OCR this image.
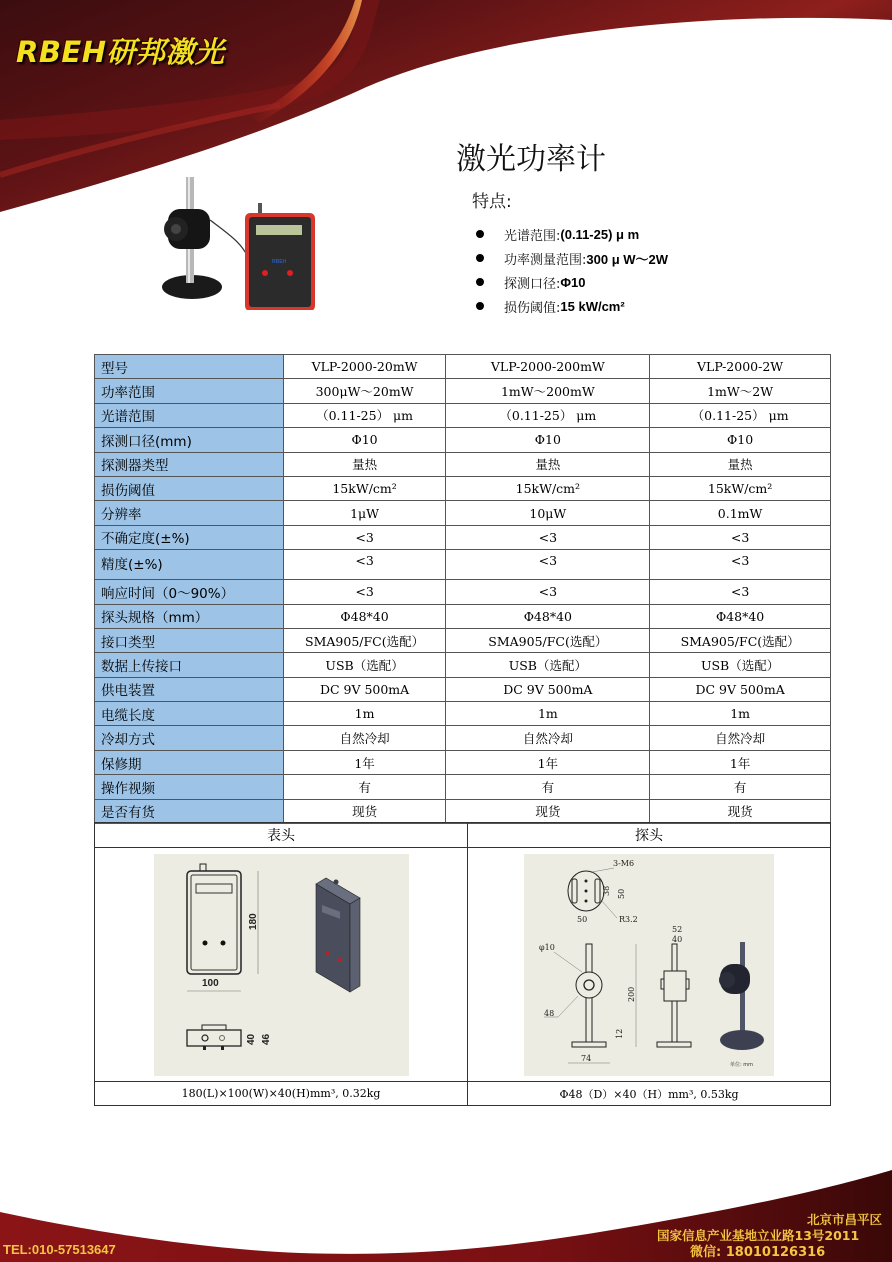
RBEH研邦激光
RBEH
激光功率计
特点:
光谱范围: (0.11-25) μ m
功率测量范围: 300 μ W～2W
探测口径: Φ10
损伤阈值: 15 kW/cm²
型号	VLP-2000-20mW	VLP-2000-200mW	VLP-2000-2W
功率范围	300μW～20mW	1mW～200mW	1mW～2W
光谱范围	（0.11-25） μm	（0.11-25） μm	（0.11-25） μm
探测口径(mm)	Φ10	Φ10	Φ10
探测器类型	量热	量热	量热
损伤阈值	15kW/cm²	15kW/cm²	15kW/cm²
分辨率	1μW	10μW	0.1mW
不确定度(±%)	<3	<3	<3
精度(±%)	<3	<3	<3
响应时间（0～90%）	<3	<3	<3
探头规格（mm）	Φ48*40	Φ48*40	Φ48*40
接口类型	SMA905/FC(选配）	SMA905/FC(选配）	SMA905/FC(选配）
数据上传接口	USB（选配）	USB（选配）	USB（选配）
供电装置	DC 9V 500mA	DC 9V 500mA	DC 9V 500mA
电缆长度	1m	1m	1m
冷却方式	自然冷却	自然冷却	自然冷却
保修期	1年	1年	1年
操作视频	有	有	有
是否有货	现货	现货	现货
表头	探头

180
100
40 46

3-M6
38 50
50	R3.2
φ10
48
200
12
74
52
40
单位: mm

180(L)×100(W)×40(H)mm³, 0.32kg	Φ48（D）×40（H）mm³, 0.53kg
TEL:010-57513647
北京市昌平区
国家信息产业基地立业路13号2011
微信: 18010126316
